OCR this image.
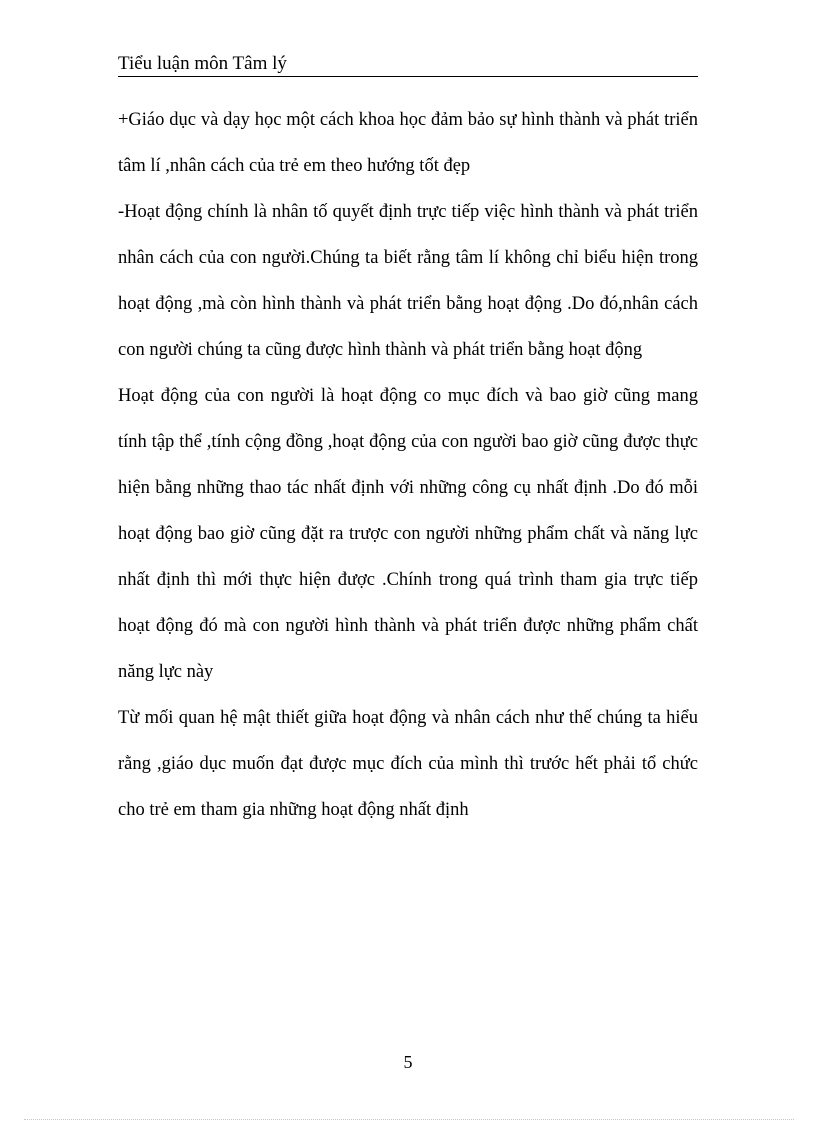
Tiểu luận môn Tâm lý

+Giáo dục và dạy học một cách khoa học đảm bảo sự hình thành và phát triển tâm lí ,nhân cách của trẻ em theo hướng tốt đẹp

-Hoạt động chính là nhân tố quyết định trực tiếp việc hình thành và phát triển nhân cách của con người.Chúng ta biết rằng tâm lí không chỉ biểu hiện trong hoạt động ,mà còn hình thành và phát triển bằng hoạt động .Do đó,nhân cách con người chúng ta cũng được hình thành và phát triển bằng hoạt động

Hoạt động của con người là hoạt động co mục đích và bao giờ cũng mang tính tập thể ,tính cộng đồng ,hoạt động của con người bao giờ cũng được thực hiện bằng những thao tác nhất định với những công cụ nhất định .Do đó mỗi hoạt động bao giờ cũng đặt ra trược con người những phẩm chất và năng lực nhất định thì mới thực hiện được .Chính trong quá trình tham gia trực tiếp hoạt động đó mà con người hình thành và phát triển được những phẩm chất năng lực này

Từ mối quan hệ mật thiết giữa hoạt động và nhân cách như thế chúng ta hiểu rằng ,giáo dục muốn đạt được mục đích của mình thì trước hết phải tổ chức cho trẻ em tham gia những hoạt động nhất định

5
